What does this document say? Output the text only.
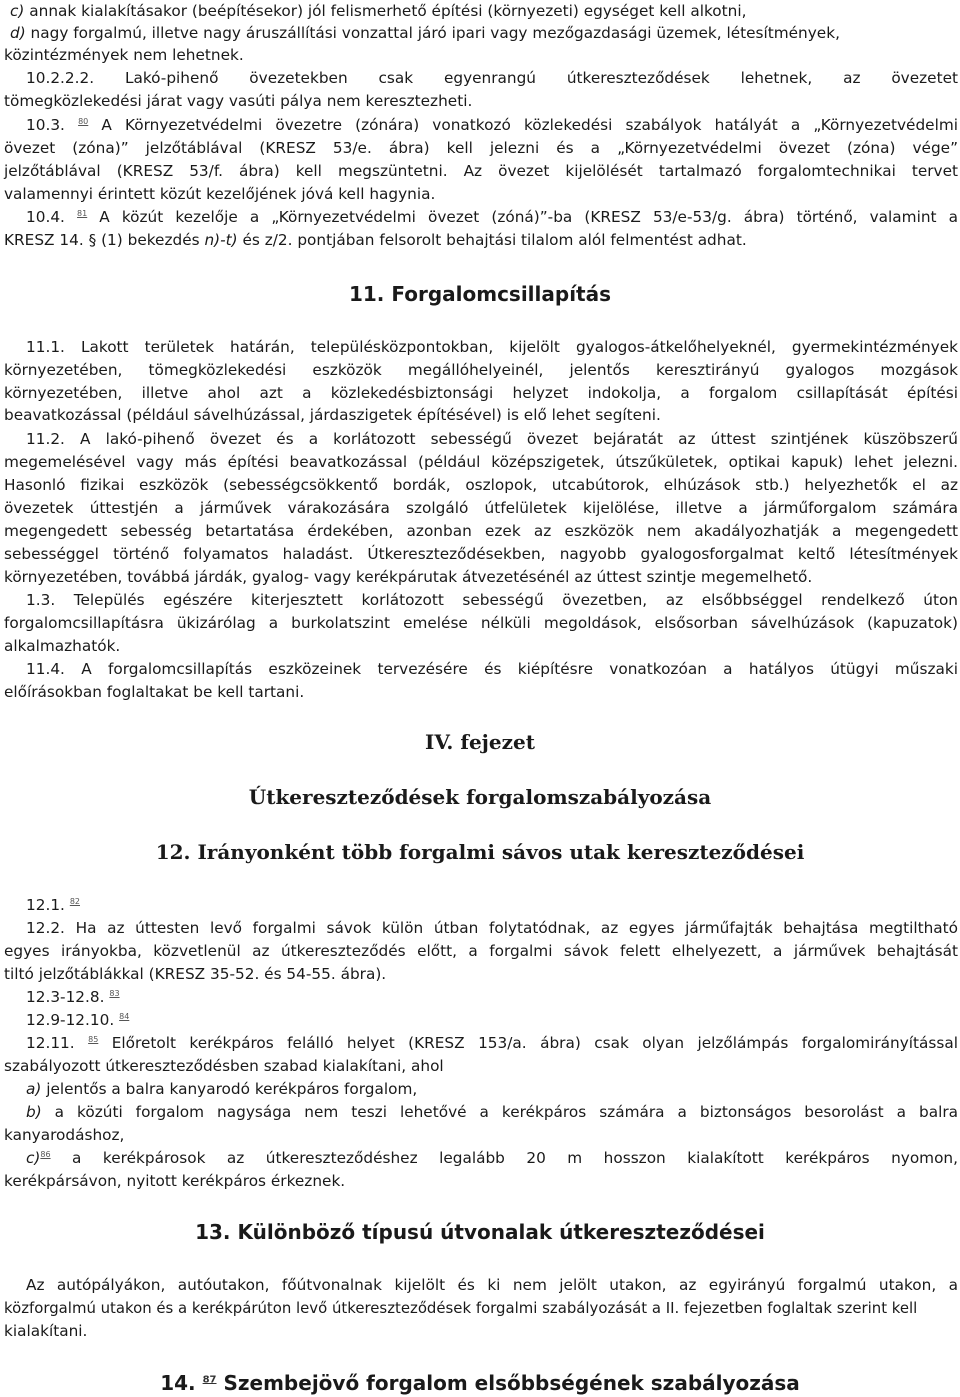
c) annak kialakításakor (beépítésekor) jól felismerhető építési (környezeti) egységet kell alkotni,
d) nagy forgalmú, illetve nagy áruszállítási vonzattal járó ipari vagy mezőgazdasági üzemek, létesítmények,
közintézmények nem lehetnek.
10.2.2.2. Lakó-pihenő övezetekben csak egyenrangú útkereszteződések lehetnek, az övezetet
tömegközlekedési járat vagy vasúti pálya nem keresztezheti.
10.3. $^{80}$ A Környezetvédelmi övezetre (zónára) vonatkozó közlekedési szabályok hatályát a „Környezetvédelmi
övezet (zóna)” jelzőtáblával (KRESZ 53/e. ábra) kell jelezni és a „Környezetvédelmi övezet (zóna) vége”
jelzőtáblával (KRESZ 53/f. ábra) kell megszüntetni. Az övezet kijelölését tartalmazó forgalomtechnikai tervet
valamennyi érintett közút kezelőjének jóvá kell hagynia.
10.4. $^{81}$ A közút kezelője a „Környezetvédelmi övezet (zóná)”-ba (KRESZ 53/e-53/g. ábra) történő, valamint a
KRESZ 14. § (1) bekezdés n)-t) és z/2. pontjában felsorolt behajtási tilalom alól felmentést adhat.
11. Forgalomcsillapítás
11.1. Lakott területek határán, településközpontokban, kijelölt gyalogos-átkelőhelyeknél, gyermekintézmények
környezetében, tömegközlekedési eszközök megállóhelyeinél, jelentős keresztirányú gyalogos mozgások
környezetében, illetve ahol azt a közlekedésbiztonsági helyzet indokolja, a forgalom csillapítását építési
beavatkozással (például sávelhúzással, járdaszigetek építésével) is elő lehet segíteni.
11.2. A lakó-pihenő övezet és a korlátozott sebességű övezet bejáratát az úttest szintjének küszöbszerű
megemelésével vagy más építési beavatkozással (például középszigetek, útszűkületek, optikai kapuk) lehet jelezni.
Hasonló fizikai eszközök (sebességcsökkentő bordák, oszlopok, utcabútorok, elhúzások stb.) helyezhetők el az
övezetek úttestjén a járművek várakozására szolgáló útfelületek kijelölése, illetve a járműforgalom számára
megengedett sebesség betartatása érdekében, azonban ezek az eszközök nem akadályozhatják a megengedett
sebességgel történő folyamatos haladást. Útkereszteződésekben, nagyobb gyalogosforgalmat keltő létesítmények
környezetében, továbbá járdák, gyalog- vagy kerékpárutak átvezetésénél az úttest szintje megemelhető.
1.3. Település egészére kiterjesztett korlátozott sebességű övezetben, az elsőbbséggel rendelkező úton
forgalomcsillapításra ükizárólag a burkolatszint emelése nélküli megoldások, elsősorban sávelhúzások (kapuzatok)
alkalmazhatók.
11.4. A forgalomcsillapítás eszközeinek tervezésére és kiépítésre vonatkozóan a hatályos útügyi műszaki
előírásokban foglaltakat be kell tartani.
IV. fejezet
Útkereszteződések forgalomszabályozása
12. Irányonként több forgalmi sávos utak kereszteződései
12.1. $^{82}$
12.2. Ha az úttesten levő forgalmi sávok külön útban folytatódnak, az egyes járműfajták behajtása megtiltható
egyes irányokba, közvetlenül az útkereszteződés előtt, a forgalmi sávok felett elhelyezett, a járművek behajtását
tiltó jelzőtáblákkal (KRESZ 35-52. és 54-55. ábra).
12.3-12.8. $^{83}$
12.9-12.10. $^{84}$
12.11. $^{85}$ Előretolt kerékpáros felálló helyet (KRESZ 153/a. ábra) csak olyan jelzőlámpás forgalomirányítással
szabályozott útkereszteződésben szabad kialakítani, ahol
a) jelentős a balra kanyarodó kerékpáros forgalom,
b) a közúti forgalom nagysága nem teszi lehetővé a kerékpáros számára a biztonságos besorolást a balra
kanyarodáshoz,
c)$^{86}$ a kerékpárosok az útkereszteződéshez legalább 20 m hosszon kialakított kerékpáros nyomon,
kerékpársávon, nyitott kerékpáros érkeznek.
13. Különböző típusú útvonalak útkereszteződései
Az autópályákon, autóutakon, főútvonalnak kijelölt és ki nem jelölt utakon, az egyirányú forgalmú utakon, a
közforgalmú utakon és a kerékpárúton levő útkereszteződések forgalmi szabályozását a II. fejezetben foglaltak szerint kell
kialakítani.
14. $^{87}$ Szembejövő forgalom elsőbbségének szabályozása
